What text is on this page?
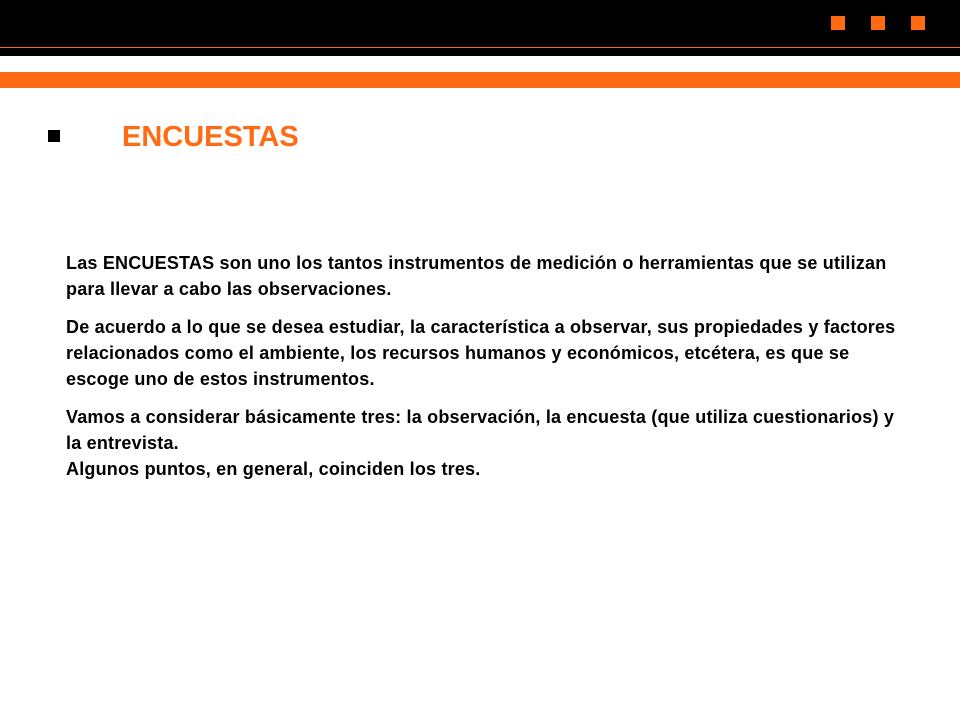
ENCUESTAS

Las ENCUESTAS son uno los tantos instrumentos de medición o herramientas que se utilizan para llevar a cabo las observaciones.

De acuerdo a lo que se desea estudiar, la característica a observar, sus propiedades y factores relacionados como el ambiente, los recursos humanos y económicos, etcétera, es que se escoge uno de estos instrumentos.

Vamos a considerar básicamente tres: la observación, la encuesta (que utiliza cuestionarios) y la entrevista.

Algunos puntos, en general, coinciden los tres.
